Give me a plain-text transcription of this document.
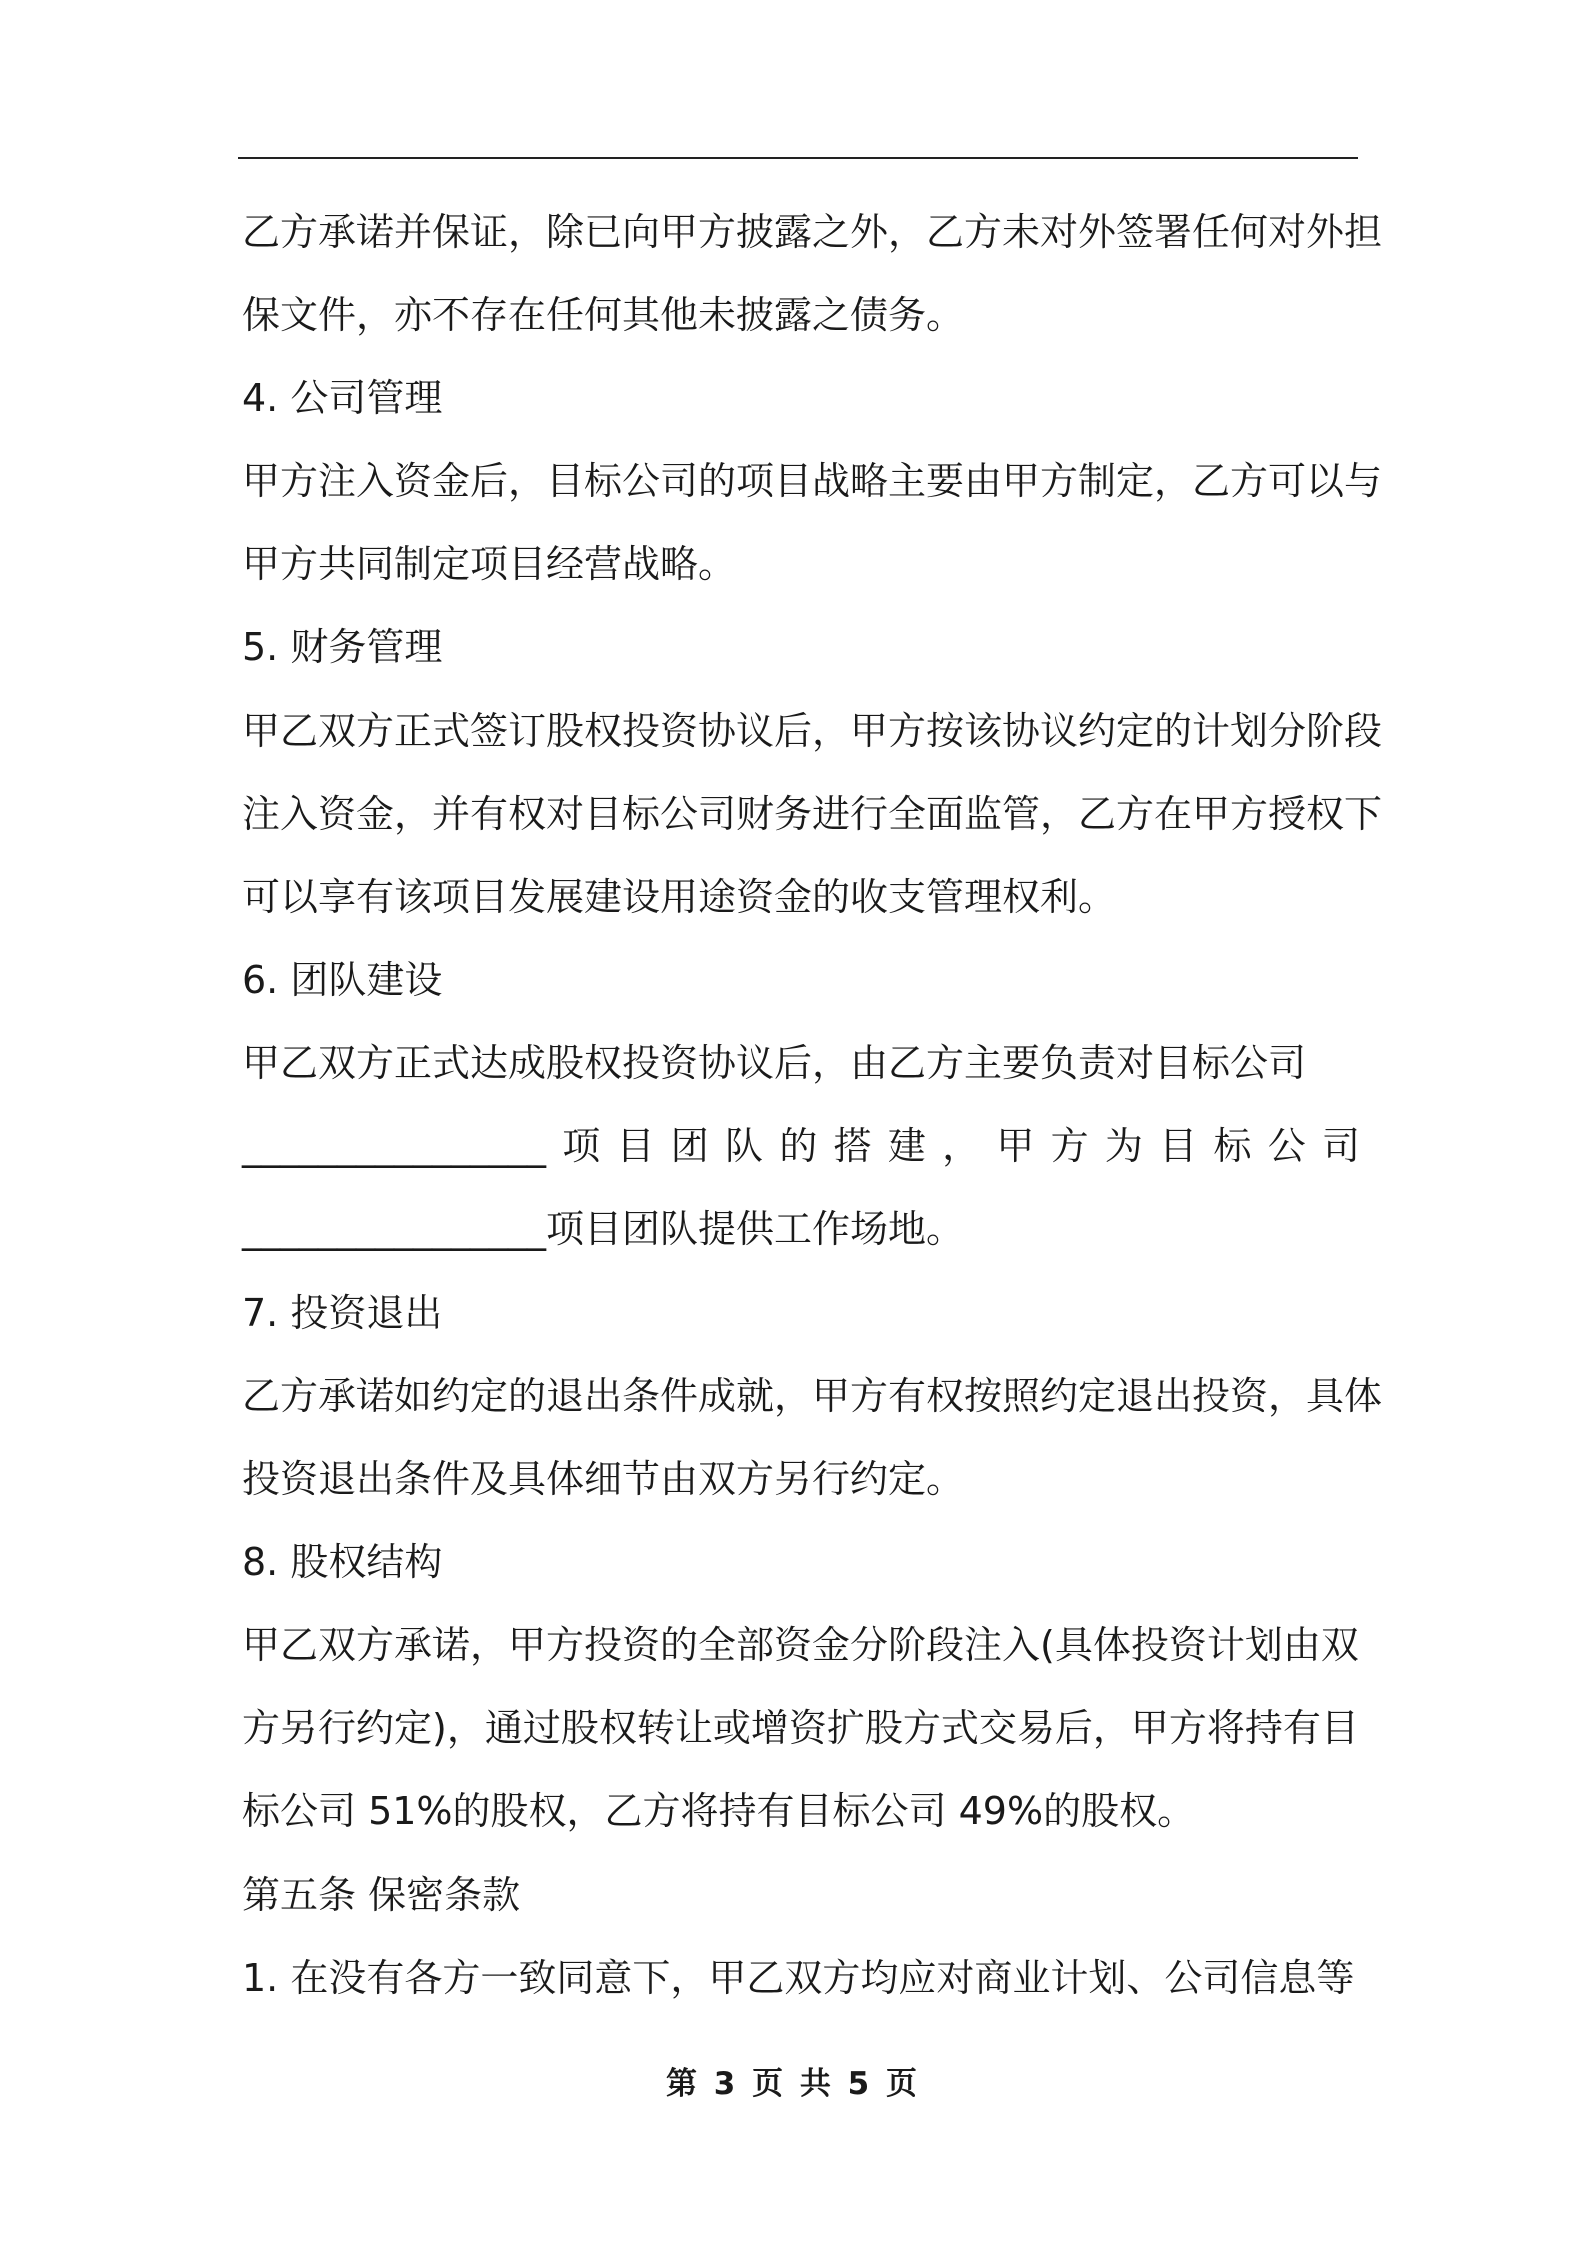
乙方承诺并保证，除已向甲方披露之外，乙方未对外签署任何对外担
保文件，亦不存在任何其他未披露之债务。
4. 公司管理
甲方注入资金后，目标公司的项目战略主要由甲方制定，乙方可以与
甲方共同制定项目经营战略。
5. 财务管理
甲乙双方正式签订股权投资协议后，甲方按该协议约定的计划分阶段
注入资金，并有权对目标公司财务进行全面监管，乙方在甲方授权下
可以享有该项目发展建设用途资金的收支管理权利。
6. 团队建设
甲乙双方正式达成股权投资协议后，由乙方主要负责对目标公司
________________ 项 目 团 队 的 搭 建 ， 甲 方 为 目 标 公 司
________________项目团队提供工作场地。
7. 投资退出
乙方承诺如约定的退出条件成就，甲方有权按照约定退出投资，具体
投资退出条件及具体细节由双方另行约定。
8. 股权结构
甲乙双方承诺，甲方投资的全部资金分阶段注入(具体投资计划由双
方另行约定)，通过股权转让或增资扩股方式交易后，甲方将持有目
标公司 51%的股权，乙方将持有目标公司 49%的股权。
第五条 保密条款
1. 在没有各方一致同意下，甲乙双方均应对商业计划、公司信息等
第 3 页 共 5 页
